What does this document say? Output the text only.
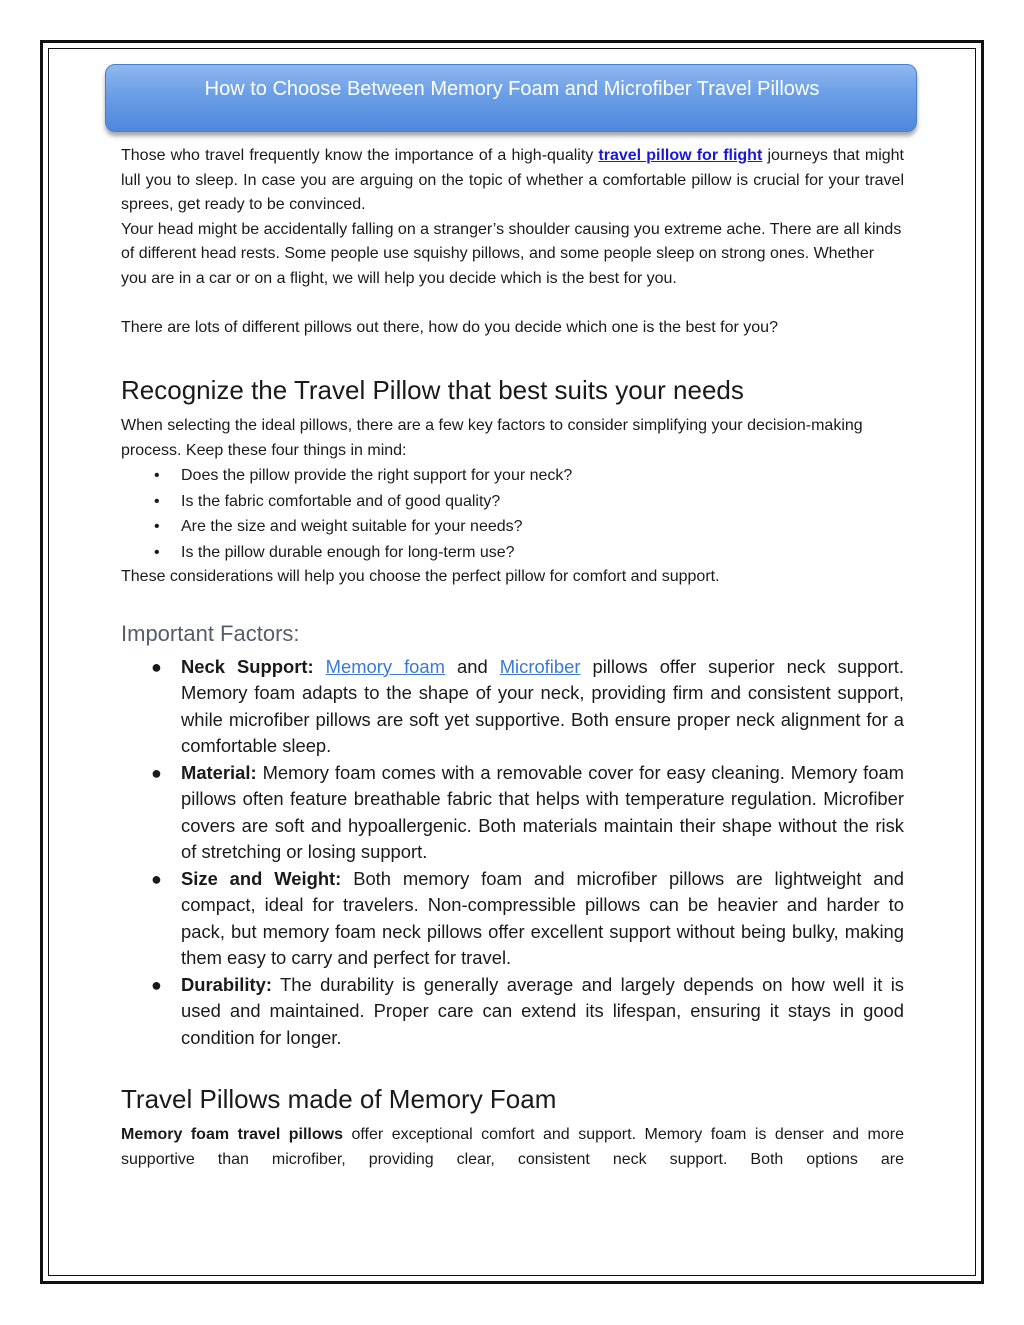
How to Choose Between Memory Foam and Microfiber Travel Pillows

Those who travel frequently know the importance of a high-quality travel pillow for flight journeys that might lull you to sleep. In case you are arguing on the topic of whether a comfortable pillow is crucial for your travel sprees, get ready to be convinced.

Your head might be accidentally falling on a stranger’s shoulder causing you extreme ache. There are all kinds of different head rests. Some people use squishy pillows, and some people sleep on strong ones. Whether you are in a car or on a flight, we will help you decide which is the best for you.

There are lots of different pillows out there, how do you decide which one is the best for you?

Recognize the Travel Pillow that best suits your needs

When selecting the ideal pillows, there are a few key factors to consider simplifying your decision-making process. Keep these four things in mind:

• Does the pillow provide the right support for your neck?
• Is the fabric comfortable and of good quality?
• Are the size and weight suitable for your needs?
• Is the pillow durable enough for long-term use?

These considerations will help you choose the perfect pillow for comfort and support.

Important Factors:
● Neck Support: Memory foam and Microfiber pillows offer superior neck support. Memory foam adapts to the shape of your neck, providing firm and consistent support, while microfiber pillows are soft yet supportive. Both ensure proper neck alignment for a comfortable sleep.
● Material: Memory foam comes with a removable cover for easy cleaning. Memory foam pillows often feature breathable fabric that helps with temperature regulation. Microfiber covers are soft and hypoallergenic. Both materials maintain their shape without the risk of stretching or losing support.
● Size and Weight: Both memory foam and microfiber pillows are lightweight and compact, ideal for travelers. Non-compressible pillows can be heavier and harder to pack, but memory foam neck pillows offer excellent support without being bulky, making them easy to carry and perfect for travel.
● Durability: The durability is generally average and largely depends on how well it is used and maintained. Proper care can extend its lifespan, ensuring it stays in good condition for longer.
Travel Pillows made of Memory Foam

Memory foam travel pillows offer exceptional comfort and support. Memory foam is denser and more supportive than microfiber, providing clear, consistent neck support. Both options are
